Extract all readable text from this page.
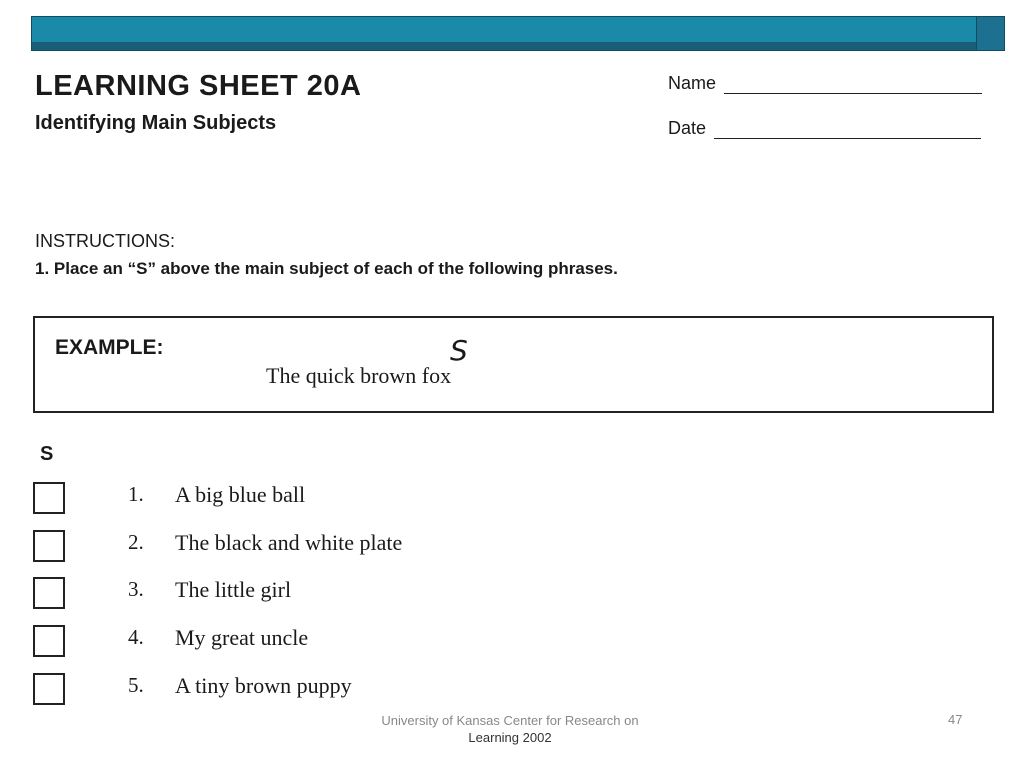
LEARNING SHEET 20A
Identifying Main Subjects
Name
Date
INSTRUCTIONS:
1. Place an “S” above the main subject of each of the following phrases.
EXAMPLE:	S
The quick brown fox
S
1. A big blue ball
2. The black and white plate
3. The little girl
4. My great uncle
5. A tiny brown puppy
University of Kansas Center for Research on
Learning 2002
47
